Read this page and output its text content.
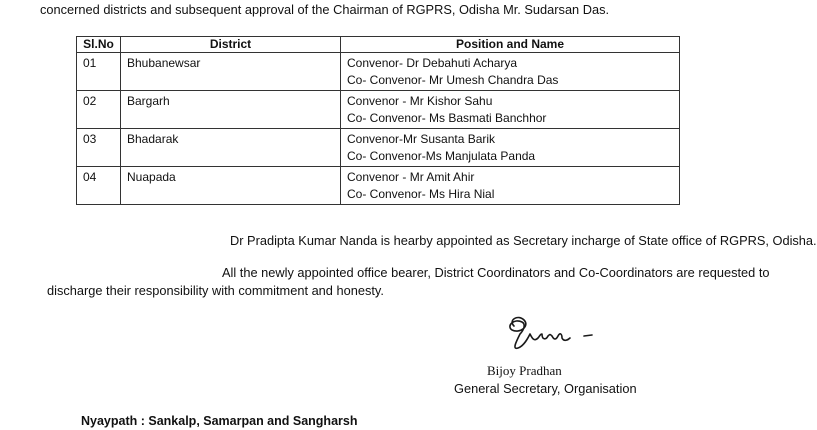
concerned districts and subsequent approval of the Chairman of RGPRS, Odisha Mr. Sudarsan Das.
Sl.No	District	Position and Name
01	Bhubanewsar	Convenor- Dr Debahuti Acharya
Co- Convenor- Mr Umesh Chandra Das

02	Bargarh	Convenor - Mr Kishor Sahu
Co- Convenor- Ms Basmati Banchhor

03	Bhadarak	Convenor-Mr Susanta Barik
Co- Convenor-Ms Manjulata Panda

04	Nuapada	Convenor - Mr Amit Ahir
Co- Convenor- Ms Hira Nial
Dr Pradipta Kumar Nanda is hearby appointed as Secretary incharge of State office of RGPRS, Odisha.
All the newly appointed office bearer, District Coordinators and Co-Coordinators are requested to
discharge their responsibility with commitment and honesty.
Bijoy Pradhan
General Secretary, Organisation
Nyaypath : Sankalp, Samarpan and Sangharsh
